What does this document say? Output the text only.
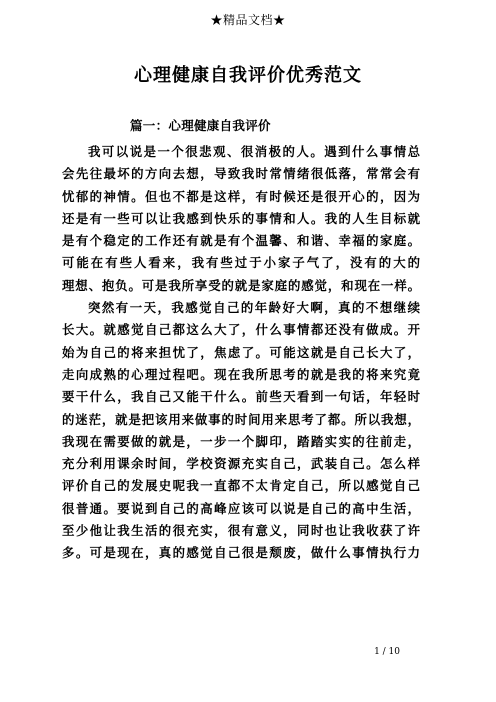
★精品文档★
心理健康自我评价优秀范文
篇一：心理健康自我评价
我可以说是一个很悲观、很消极的人。遇到什么事情总
会先往最坏的方向去想，导致我时常情绪很低落，常常会有
忧郁的神情。但也不都是这样，有时候还是很开心的，因为
还是有一些可以让我感到快乐的事情和人。我的人生目标就
是有个稳定的工作还有就是有个温馨、和谐、幸福的家庭。
可能在有些人看来，我有些过于小家子气了，没有的大的
理想、抱负。可是我所享受的就是家庭的感觉，和现在一样。
突然有一天，我感觉自己的年龄好大啊，真的不想继续
长大。就感觉自己都这么大了，什么事情都还没有做成。开
始为自己的将来担忧了，焦虑了。可能这就是自己长大了，
走向成熟的心理过程吧。现在我所思考的就是我的将来究竟
要干什么，我自己又能干什么。前些天看到一句话，年轻时
的迷茫，就是把该用来做事的时间用来思考了都。所以我想，
我现在需要做的就是，一步一个脚印，踏踏实实的往前走，
充分利用课余时间，学校资源充实自己，武装自己。怎么样
评价自己的发展史呢我一直都不太肯定自己，所以感觉自己
很普通。要说到自己的高峰应该可以说是自己的高中生活，
至少他让我生活的很充实，很有意义，同时也让我收获了许
多。可是现在，真的感觉自己很是颓废，做什么事情执行力
1 / 10
